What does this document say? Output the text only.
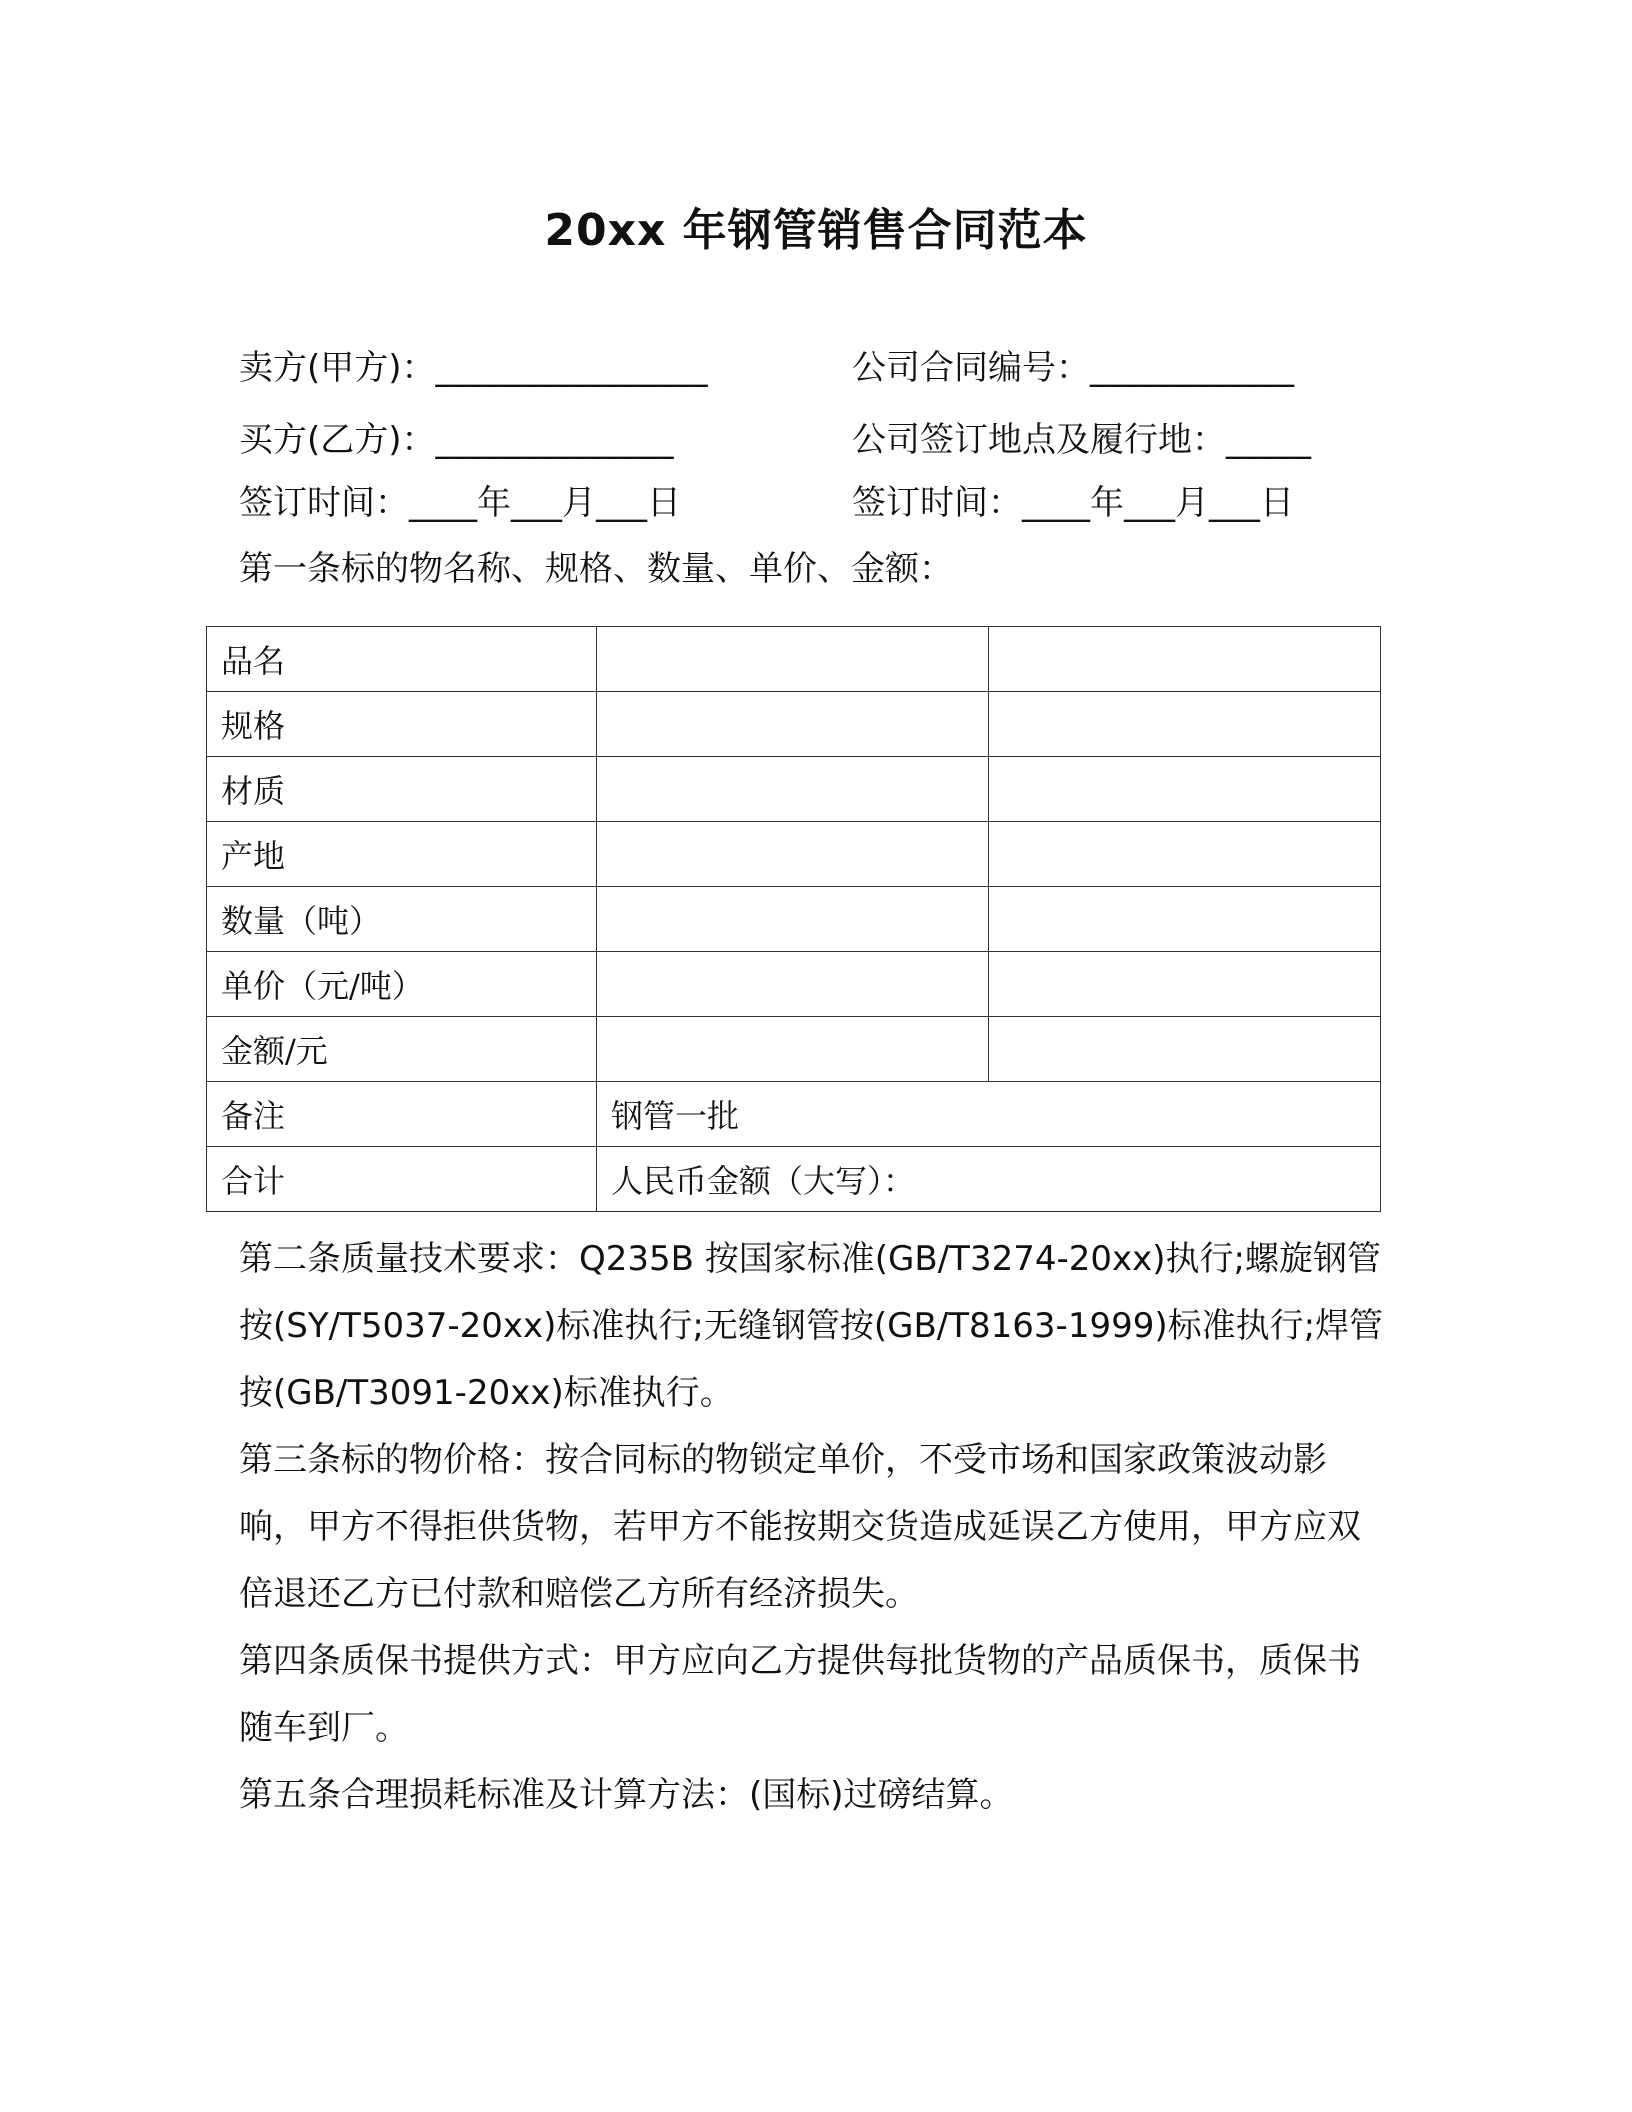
20xx 年钢管销售合同范本
卖方(甲方)：________________	公司合同编号：____________
买方(乙方)：______________	公司签订地点及履行地：_____
签订时间：____年___月___日	签订时间：____年___月___日
第一条标的物名称、规格、数量、单价、金额：
品名		
规格		
材质		
产地		
数量（吨）		
单价（元/吨）		
金额/元		
备注	钢管一批	
合计	人民币金额（大写）：	

第二条质量技术要求：Q235B 按国家标准(GB/T3274-20xx)执行;螺旋钢管按(SY/T5037-20xx)标准执行;无缝钢管按(GB/T8163-1999)标准执行;焊管按(GB/T3091-20xx)标准执行。

第三条标的物价格：按合同标的物锁定单价，不受市场和国家政策波动影响，甲方不得拒供货物，若甲方不能按期交货造成延误乙方使用，甲方应双倍退还乙方已付款和赔偿乙方所有经济损失。

第四条质保书提供方式：甲方应向乙方提供每批货物的产品质保书，质保书随车到厂。

第五条合理损耗标准及计算方法：(国标)过磅结算。
